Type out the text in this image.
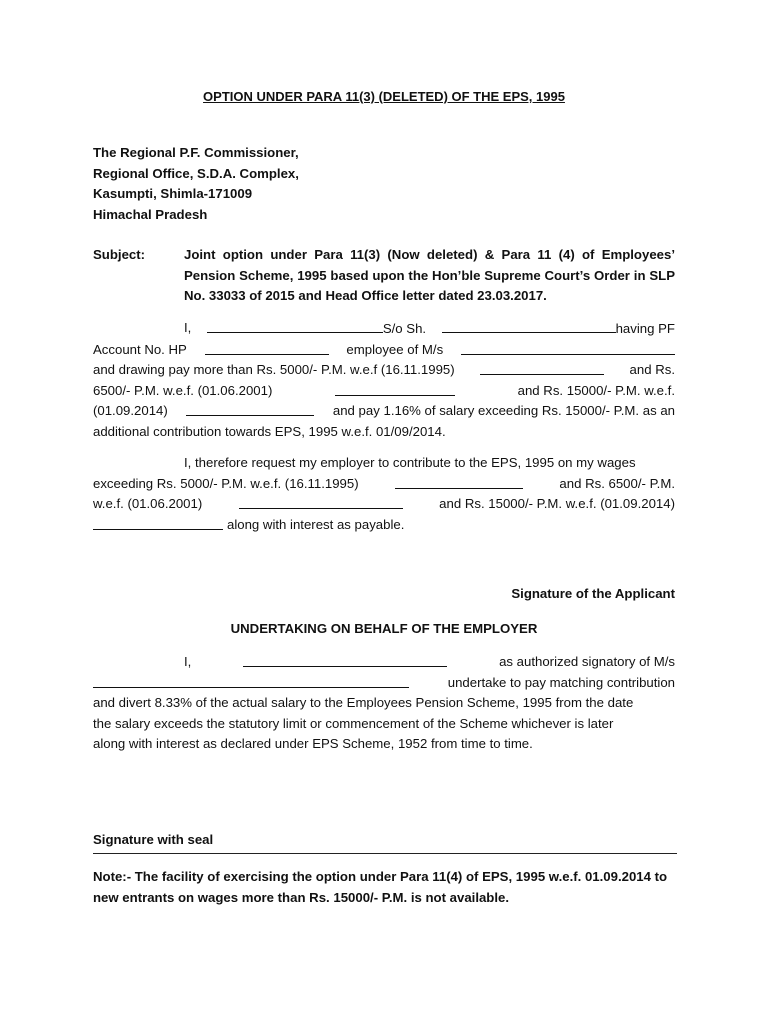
OPTION UNDER PARA 11(3) (DELETED) OF THE EPS, 1995
The Regional P.F. Commissioner,
Regional Office, S.D.A. Complex,
Kasumpti, Shimla-171009
Himachal Pradesh
Subject:	Joint option under Para 11(3) (Now deleted) & Para 11 (4) of Employees’ Pension Scheme, 1995 based upon the Hon’ble Supreme Court’s Order in SLP No. 33033 of 2015 and Head Office letter dated 23.03.2017.
I,	S/o Sh.	having PF
Account No. HP	employee of M/s
and drawing pay more than Rs. 5000/- P.M. w.e.f (16.11.1995)	and Rs.
6500/- P.M. w.e.f. (01.06.2001)	and Rs. 15000/- P.M. w.e.f.
(01.09.2014)	and pay 1.16% of salary exceeding Rs. 15000/- P.M. as an
additional contribution towards EPS, 1995 w.e.f. 01/09/2014.
I, therefore request my employer to contribute to the EPS, 1995 on my wages
exceeding Rs. 5000/- P.M. w.e.f. (16.11.1995)	and Rs. 6500/- P.M.
w.e.f. (01.06.2001)	and Rs. 15000/- P.M. w.e.f. (01.09.2014)
along with interest as payable.
Signature of the Applicant
UNDERTAKING ON BEHALF OF THE EMPLOYER
I,	as authorized signatory of M/s
undertake to pay matching contribution
and divert 8.33% of the actual salary to the Employees Pension Scheme, 1995 from the date
the salary exceeds the statutory limit or commencement of the Scheme whichever is later
along with interest as declared under EPS Scheme, 1952 from time to time.
Signature with seal
Note:- The facility of exercising the option under Para 11(4) of EPS, 1995 w.e.f. 01.09.2014 to new entrants on wages more than Rs. 15000/- P.M. is not available.
